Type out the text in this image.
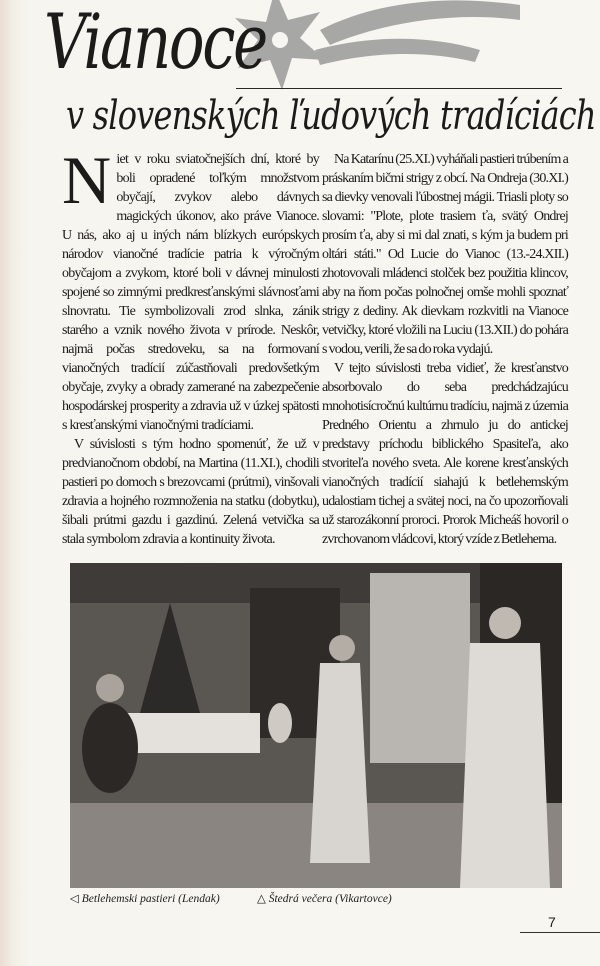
Vianoce
v slovenských ľudových tradíciách

Niet v roku sviatočnejších dní, ktoré by boli opradené toľkým množstvom obyčají, zvykov alebo dávnych magických úkonov, ako práve Vianoce. U nás, ako aj u iných nám blízkych európskych národov vianočné tradície patria k výročným obyčajom a zvykom, ktoré boli v dávnej minulosti spojené so zimnými predkresťanskými slávnosťami slnovratu. Tie symbolizovali zrod slnka, zánik starého a vznik nového života v prírode. Neskôr, najmä počas stredoveku, sa na formovaní vianočných tradícií zúčastňovali predovšetkým obyčaje, zvyky a obrady zamerané na zabezpečenie hospodárskej prosperity a zdravia už v úzkej spätosti s kresťanskými vianočnými tradíciami.

V súvislosti s tým hodno spomenúť, že už v predvianočnom období, na Martina (11.XI.), chodili pastieri po domoch s brezovcami (prútmi), vinšovali zdravia a hojného rozmnoženia na statku (dobytku), šibali prútmi gazdu i gazdinú. Zelená vetvička sa stala symbolom zdravia a kontinuity života.

Na Katarínu (25.XI.) vyháňali pastieri trúbením a práskaním bičmi strigy z obcí. Na Ondreja (30.XI.) sa dievky venovali ľúbostnej mágii. Triasli ploty so slovami: "Plote, plote trasiem ťa, svätý Ondrej prosím ťa, aby si mi dal znati, s kým ja budem pri oltári státi." Od Lucie do Vianoc (13.-24.XII.) zhotovovali mládenci stolček bez použitia klincov, aby na ňom počas polnočnej omše mohli spoznať strigy z dediny. Ak dievkam rozkvitli na Vianoce vetvičky, ktoré vložili na Luciu (13.XII.) do pohára s vodou, verili, že sa do roka vydajú.

V tejto súvislosti treba vidieť, že kresťanstvo absorbovalo do seba predchádzajúcu mnohotisícročnú kultúrnu tradíciu, najmä z územia Predného Orientu a zhrnulo ju do antickej predstavy príchodu biblického Spasiteľa, ako stvoriteľa nového sveta. Ale korene kresťanských vianočných tradícií siahajú k betlehemským udalostiam tichej a svätej noci, na čo upozorňovali už starozákonní proroci. Prorok Micheáš hovoril o zvrchovanom vládcovi, ktorý vzíde z Betlehema.

◁ Betlehemski pastieri (Lendak)	△ Štedrá večera (Vikartovce)
7
